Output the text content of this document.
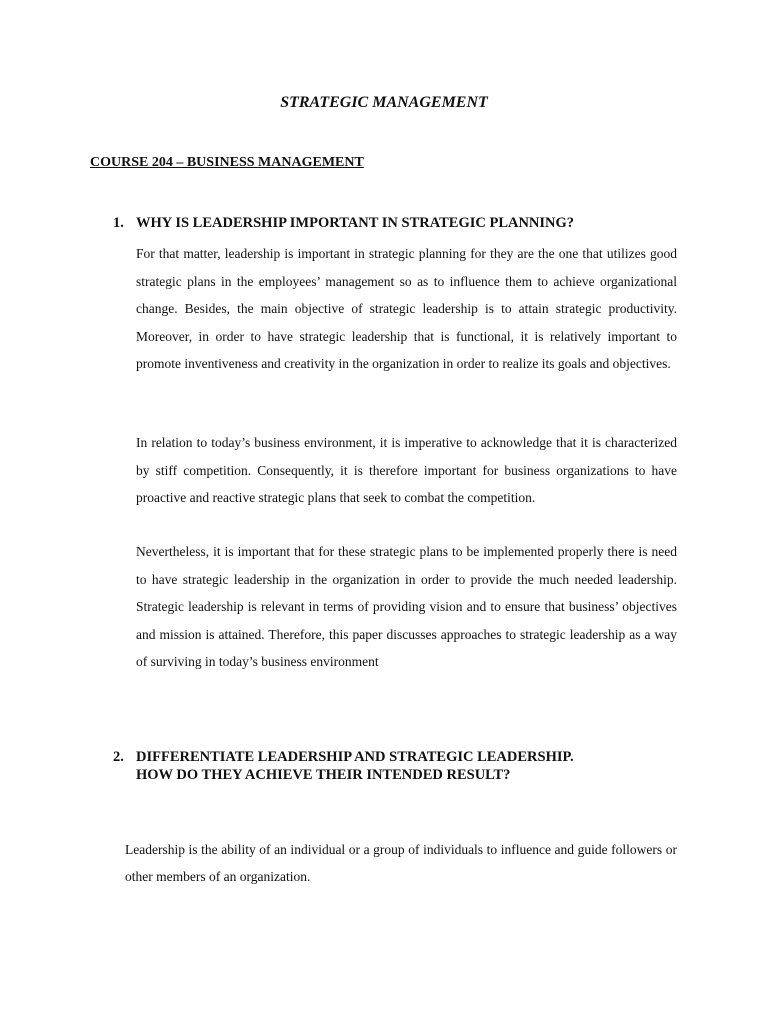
STRATEGIC MANAGEMENT
COURSE 204 – BUSINESS MANAGEMENT
1. WHY IS LEADERSHIP IMPORTANT IN STRATEGIC PLANNING?

For that matter, leadership is important in strategic planning for they are the one that utilizes good strategic plans in the employees’ management so as to influence them to achieve organizational change. Besides, the main objective of strategic leadership is to attain strategic productivity. Moreover, in order to have strategic leadership that is functional, it is relatively important to promote inventiveness and creativity in the organization in order to realize its goals and objectives.

In relation to today’s business environment, it is imperative to acknowledge that it is characterized by stiff competition. Consequently, it is therefore important for business organizations to have proactive and reactive strategic plans that seek to combat the competition.

Nevertheless, it is important that for these strategic plans to be implemented properly there is need to have strategic leadership in the organization in order to provide the much needed leadership. Strategic leadership is relevant in terms of providing vision and to ensure that business’ objectives and mission is attained. Therefore, this paper discusses approaches to strategic leadership as a way of surviving in today’s business environment

2. DIFFERENTIATE LEADERSHIP AND STRATEGIC LEADERSHIP.
HOW DO THEY ACHIEVE THEIR INTENDED RESULT?

Leadership is the ability of an individual or a group of individuals to influence and guide followers or other members of an organization.
